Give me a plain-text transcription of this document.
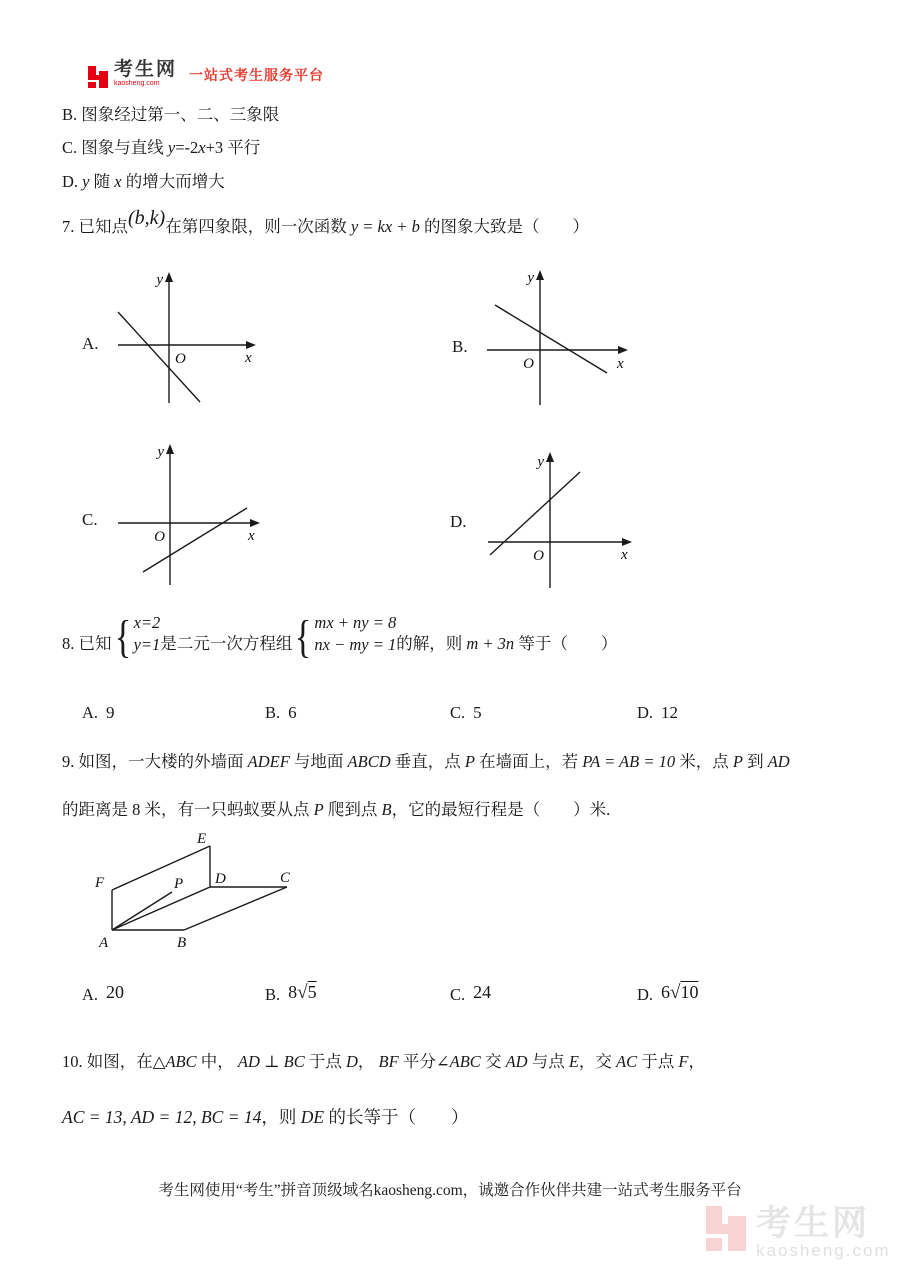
考生网
kaosheng.com
一站式考生服务平台
B. 图象经过第一、二、三象限
C. 图象与直线 y=-2x+3 平行
D. y 随 x 的增大而增大
7. 已知点(b,k)在第四象限，则一次函数 y = kx + b 的图象大致是（　　）
A.
y
x
O
B.
y
x
O
C.
y
x
O
D.
y
x
O
8. 已知 { x=2
y=1 是二元一次方程组 { mx + ny = 8
nx − my = 1 的解，则 m + 3n 等于（　　）
A. 9	B. 6	C. 5	D. 12
9. 如图，一大楼的外墙面 ADEF 与地面 ABCD 垂直，点 P 在墙面上，若 PA = AB = 10 米，点 P 到 AD
的距离是 8 米，有一只蚂蚁要从点 P 爬到点 B，它的最短行程是（　　）米.
E
F	P D	C
A	B
A. 20	B. 8√5	C. 24	D. 6√10
10. 如图，在△ABC 中， AD ⊥ BC 于点 D， BF 平分∠ABC 交 AD 与点 E，交 AC 于点 F，
AC = 13, AD = 12, BC = 14，则 DE 的长等于（　　）
考生网使用“考生”拼音顶级域名kaosheng.com，诚邀合作伙伴共建一站式考生服务平台
考生网
kaosheng.com
